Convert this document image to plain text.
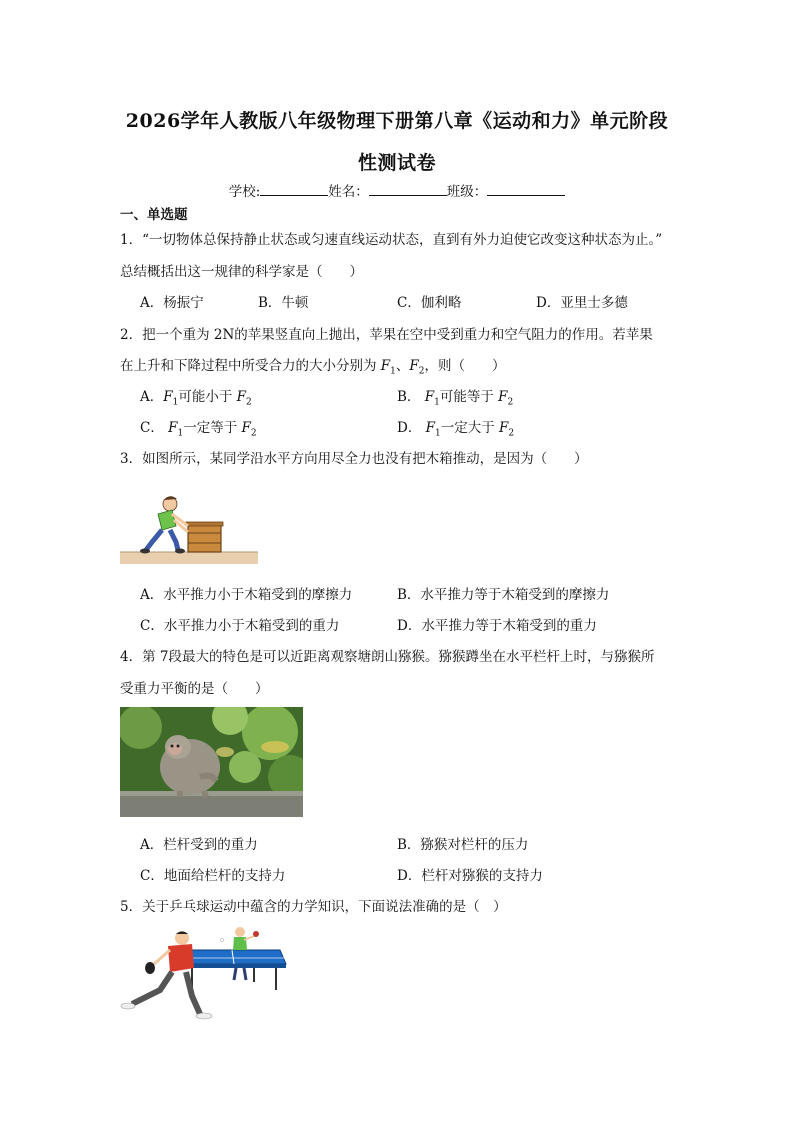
2026学年人教版八年级物理下册第八章《运动和力》单元阶段
性测试卷
学校:	姓名：	班级：
一、单选题
1．“一切物体总保持静止状态或匀速直线运动状态，直到有外力迫使它改变这种状态为止。”
总结概括出这一规律的科学家是（　　）
A．杨振宁	B．牛顿	C．伽利略	D．亚里士多德
2．把一个重为 2N的苹果竖直向上抛出，苹果在空中受到重力和空气阻力的作用。若苹果
在上升和下降过程中所受合力的大小分别为 $F_1$、$F_2$，则（　　）
A．$F_1$可能小于 $F_2$	B． $F_1$可能等于 $F_2$
C． $F_1$一定等于 $F_2$	D． $F_1$一定大于 $F_2$
3．如图所示，某同学沿水平方向用尽全力也没有把木箱推动，是因为（　　）
A．水平推力小于木箱受到的摩擦力	B．水平推力等于木箱受到的摩擦力
C．水平推力小于木箱受到的重力	D．水平推力等于木箱受到的重力
4．第 7段最大的特色是可以近距离观察塘朗山猕猴。猕猴蹲坐在水平栏杆上时，与猕猴所
受重力平衡的是（　　）
A．栏杆受到的重力	B．猕猴对栏杆的压力
C．地面给栏杆的支持力	D．栏杆对猕猴的支持力
5．关于乒乓球运动中蕴含的力学知识，下面说法准确的是（　）
